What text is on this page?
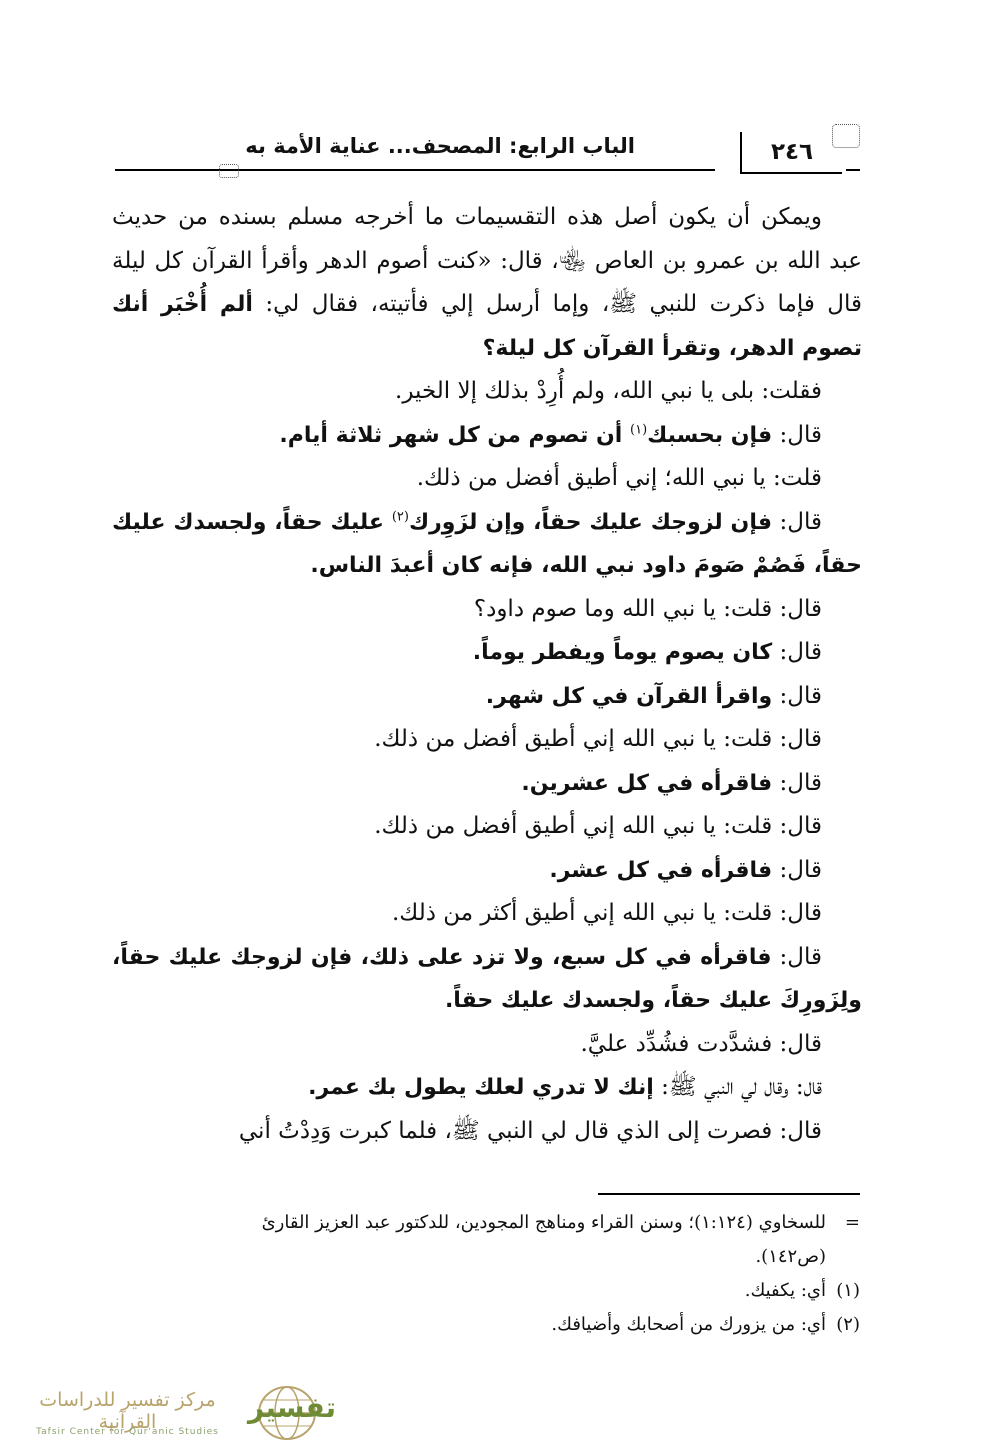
الباب الرابع: المصحف... عناية الأمة به	٢٤٦

ويمكن أن يكون أصل هذه التقسيمات ما أخرجه مسلم بسنده من حديث عبد الله بن عمرو بن العاص ﵄، قال: «كنت أصوم الدهر وأقرأ القرآن كل ليلة قال فإما ذكرت للنبي ﷺ، وإما أرسل إلي فأتيته، فقال لي: ألم أُخْبَر أنك تصوم الدهر، وتقرأ القرآن كل ليلة؟

فقلت: بلى يا نبي الله، ولم أُرِدْ بذلك إلا الخير.

قال: فإن بحسبك$^{(١)}$ أن تصوم من كل شهر ثلاثة أيام.

قلت: يا نبي الله؛ إني أطيق أفضل من ذلك.

قال: فإن لزوجك عليك حقاً، وإن لزَوِرك$^{(٢)}$ عليك حقاً، ولجسدك عليك حقاً، فَصُمْ صَومَ داود نبي الله، فإنه كان أعبدَ الناس.

قال: قلت: يا نبي الله وما صوم داود؟

قال: كان يصوم يوماً ويفطر يوماً.

قال: واقرأ القرآن في كل شهر.

قال: قلت: يا نبي الله إني أطيق أفضل من ذلك.

قال: فاقرأه في كل عشرين.

قال: قلت: يا نبي الله إني أطيق أفضل من ذلك.

قال: فاقرأه في كل عشر.

قال: قلت: يا نبي الله إني أطيق أكثر من ذلك.

قال: فاقرأه في كل سبع، ولا تزد على ذلك، فإن لزوجك عليك حقاً، ولِزَورِكَ عليك حقاً، ولجسدك عليك حقاً.

قال: فشدَّدت فشُدِّد عليَّ.

قال: وقال لي النبي ﷺ: إنك لا تدري لعلك يطول بك عمر.

قال: فصرت إلى الذي قال لي النبي ﷺ، فلما كبرت وَدِدْتُ أني

=للسخاوي (١:١٢٤)؛ وسنن القراء ومناهج المجودين، للدكتور عبد العزيز القارئ

(ص١٤٢).

(١)أي: يكفيك.

(٢)أي: من يزورك من أصحابك وأضيافك.

تفسير
مركز تفسير للدراسات القرآنية
Tafsir Center for Qur'anic Studies
